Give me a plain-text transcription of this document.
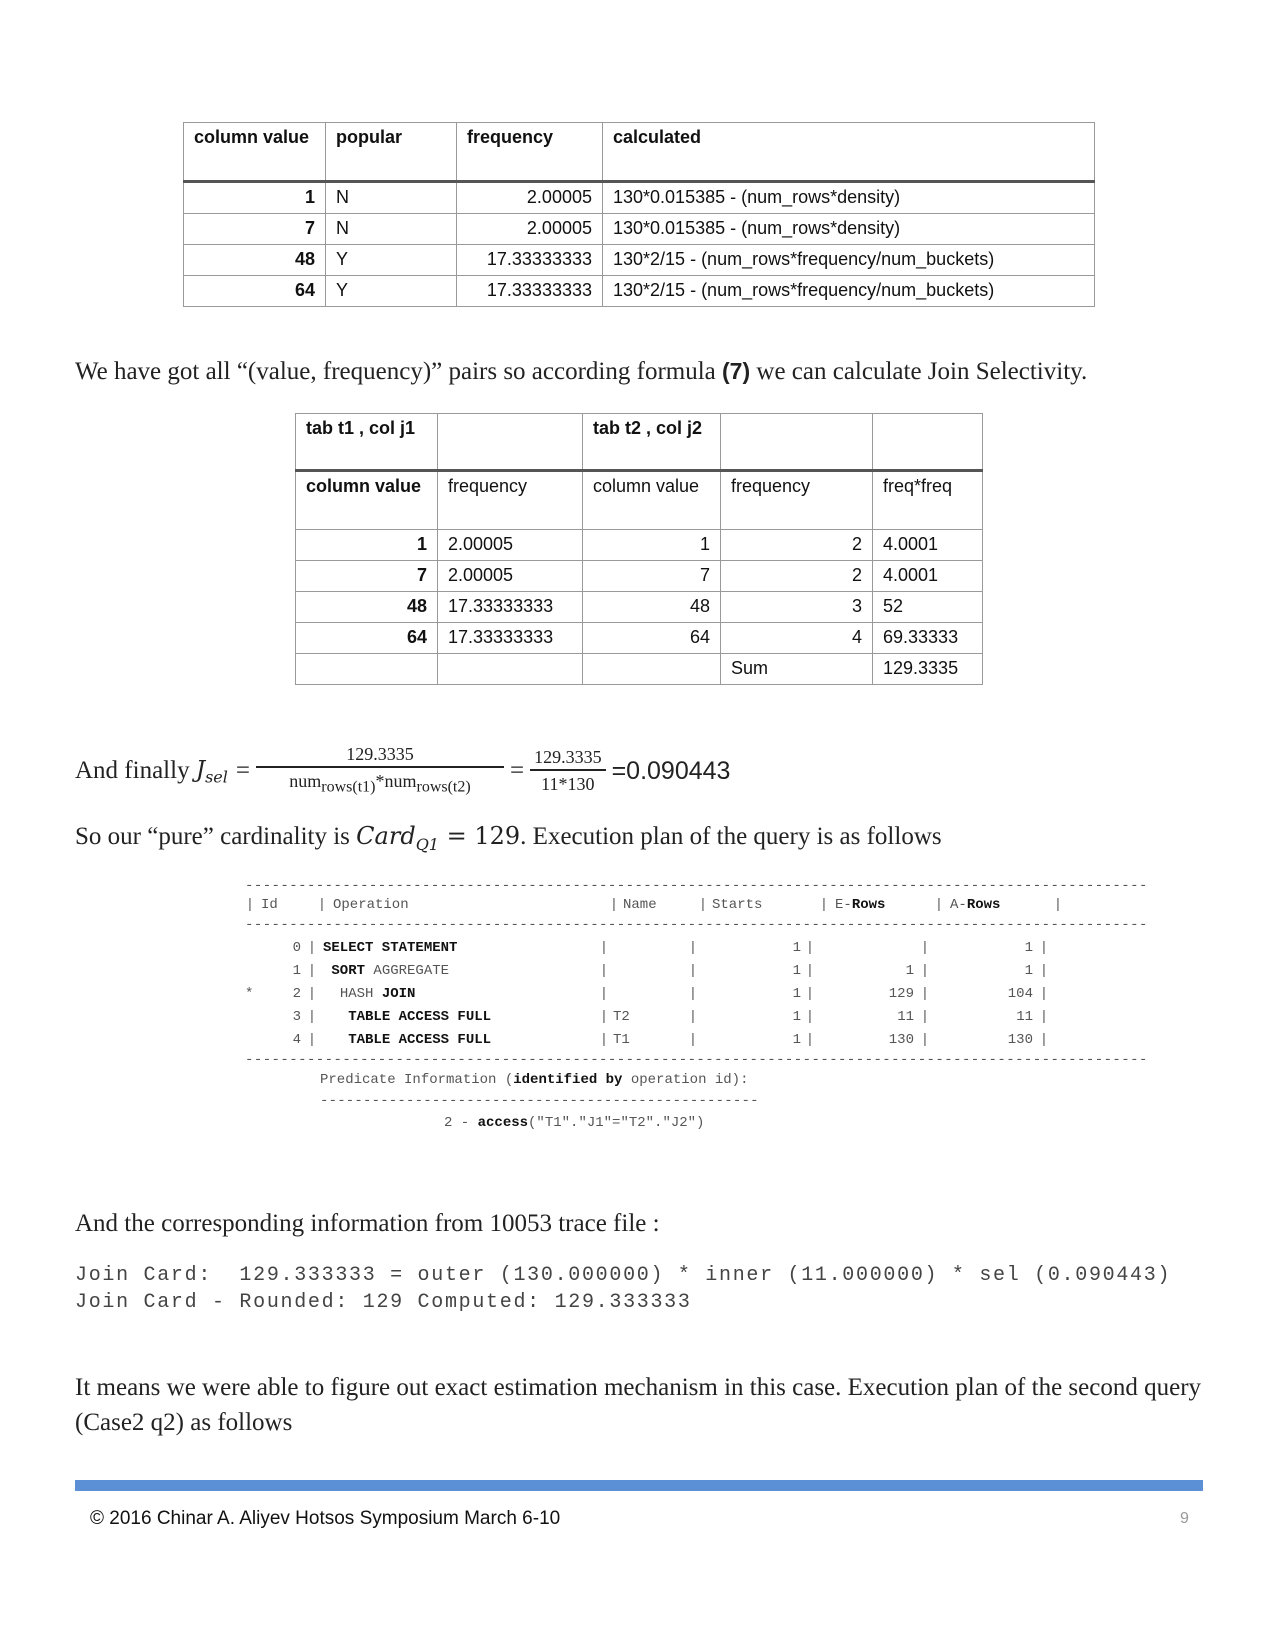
column value	popular	frequency	calculated
1	N	2.00005	130*0.015385 - (num_rows*density)
7	N	2.00005	130*0.015385 - (num_rows*density)
48	Y	17.33333333	130*2/15 - (num_rows*frequency/num_buckets)
64	Y	17.33333333	130*2/15 - (num_rows*frequency/num_buckets)
We have got all “(value, frequency)” pairs so according formula (7) we can calculate Join Selectivity.
tab t1 , col j1		tab t2 , col j2		
column value	frequency	column value	frequency	freq*freq
1	2.00005	1	2	4.0001
7	2.00005	7	2	4.0001
48	17.33333333	48	3	52
64	17.33333333	64	4	69.33333
			Sum	129.3335
And finally $J_{sel} = \frac{129.3335}{num_{rows(t1)}*num_{rows(t2)}} = \frac{129.3335}{11*130} =0.090443$
So our “pure” cardinality is Card$_{Q1}$ = 129. Execution plan of the query is as follows
------------------------------------------------------------------------------------------------------
| Id	| Operation	| Name	| Starts	| E-Rows	| A-Rows	|
------------------------------------------------------------------------------------------------------
0 | SELECT STATEMENT	|	|	1 |	|	1 |
1 |	SORT AGGREGATE	|	|	1 |	1 |	1 |
*	2 |	HASH JOIN	|	|	1 |	129 |	104 |
3 |	TABLE ACCESS FULL	| T2	|	1 |	11 |	11 |
4 |	TABLE ACCESS FULL	| T1	|	1 |	130 |	130 |
------------------------------------------------------------------------------------------------------
Predicate Information (identified by operation id):
---------------------------------------------------
2 - access("T1"."J1"="T2"."J2")
And the corresponding information from 10053 trace file :
Join Card:  129.333333 = outer (130.000000) * inner (11.000000) * sel (0.090443)
Join Card - Rounded: 129 Computed: 129.333333
It means we were able to figure out exact estimation mechanism in this case. Execution plan of the second query (Case2 q2) as follows
© 2016 Chinar A. Aliyev Hotsos Symposium March 6-10	9
